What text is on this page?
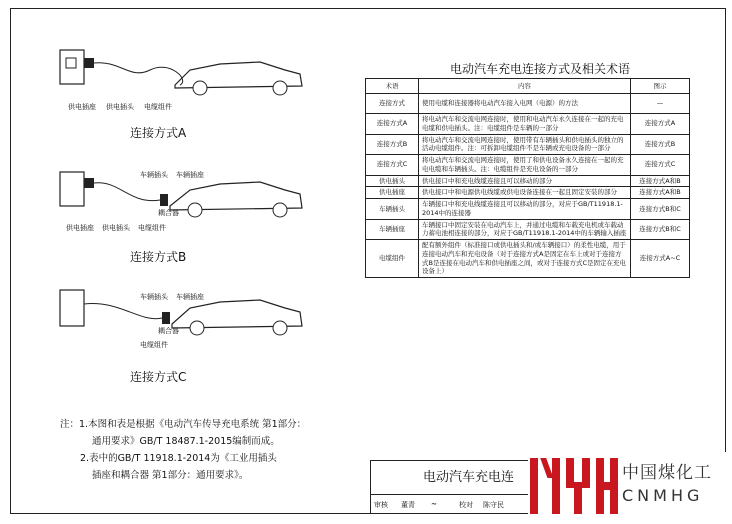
供电插座 供电插头 电缆组件
连接方式A
车辆插头 车辆插座
耦合器
供电插座 供电插头 电缆组件
连接方式B
车辆插头 车辆插座
耦合器
电缆组件
连接方式C
电动汽车充电连接方式及相关术语
术语	内容	图示
连接方式	使用电缆和连接器将电动汽车接入电网（电源）的方法	—
连接方式A	将电动汽车和交流电网连接时，使用和电动汽车永久连接在一起的充电电缆和供电插头。注：电缆组件是车辆的一部分	连接方式A
连接方式B	将电动汽车和交流电网连接时，使用带有车辆插头和供电插头的独立的活动电缆组件。注：可拆卸电缆组件不是车辆或充电设备的一部分	连接方式B
连接方式C	将电动汽车和交流电网连接时，使用了和供电设备永久连接在一起的充电电缆和车辆插头。注：电缆组件是充电设备的一部分	连接方式C
供电插头	供电接口中和充电线缆连接且可以移动的部分	连接方式A和B
供电插座	供电接口中和电源供电线缆或供电设备连接在一起且固定安装的部分	连接方式A和B
车辆插头	车辆接口中和充电线缆连接且可以移动的部分，对应于GB/T11918.1-2014中的连接器	连接方式B和C
车辆插座	车辆接口中固定安装在电动汽车上，并通过电缆和车载充电机或车载动力蓄电池相连接的部分，对应于GB/T11918.1-2014中的车辆输入插座	连接方式B和C
电缆组件	配有额外组件（标准接口或供电插头和/或车辆接口）的柔性电缆，用于连接电动汽车和充电设备（对于连接方式A是固定在车上或对于连接方式B是连接在电动汽车和供电插座之间，或对于连接方式C是固定在充电设备上）	连接方式A~C
注：1.本图和表是根据《电动汽车传导充电系统 第1部分：
通用要求》GB/T 18487.1-2015编制而成。
2.表中的GB/T 11918.1-2014为《工业用插头
插座和耦合器 第1部分：通用要求》。	电动汽车充电连
审核 董青 ~	校对 陈守民
中国煤化工
CNMHG
